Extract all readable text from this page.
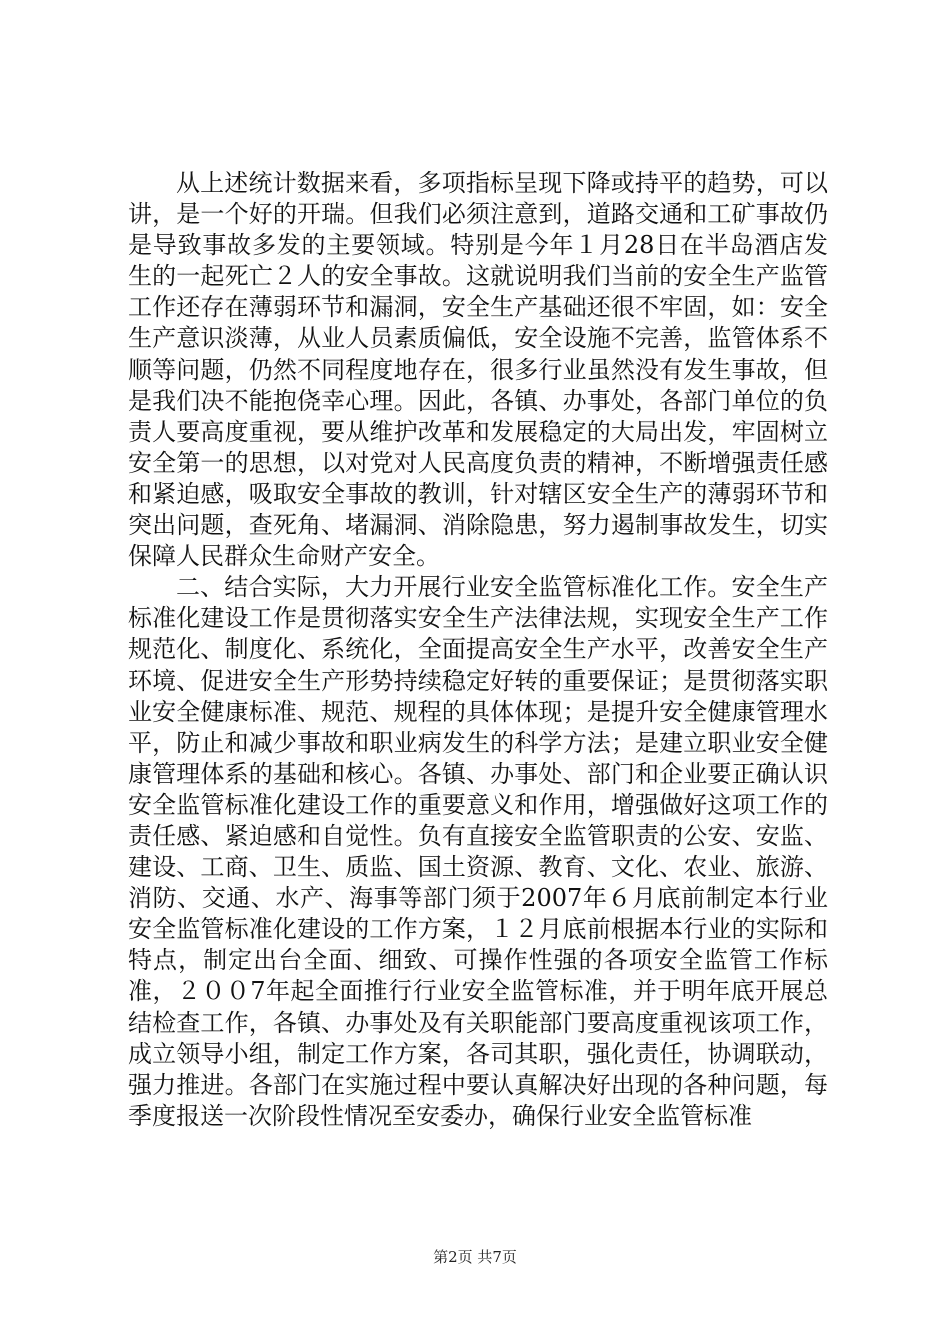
从上述统计数据来看，多项指标呈现下降或持平的趋势，可以讲，是一个好的开瑞。但我们必须注意到，道路交通和工矿事故仍是导致事故多发的主要领域。特别是今年１月28日在半岛酒店发生的一起死亡２人的安全事故。这就说明我们当前的安全生产监管工作还存在薄弱环节和漏洞，安全生产基础还很不牢固，如：安全生产意识淡薄，从业人员素质偏低，安全设施不完善，监管体系不顺等问题，仍然不同程度地存在，很多行业虽然没有发生事故，但是我们决不能抱侥幸心理。因此，各镇、办事处，各部门单位的负责人要高度重视，要从维护改革和发展稳定的大局出发，牢固树立安全第一的思想，以对党对人民高度负责的精神，不断增强责任感和紧迫感，吸取安全事故的教训，针对辖区安全生产的薄弱环节和突出问题，查死角、堵漏洞、消除隐患，努力遏制事故发生，切实保障人民群众生命财产安全。

二、结合实际，大力开展行业安全监管标准化工作。安全生产标准化建设工作是贯彻落实安全生产法律法规，实现安全生产工作规范化、制度化、系统化，全面提高安全生产水平，改善安全生产环境、促进安全生产形势持续稳定好转的重要保证；是贯彻落实职业安全健康标准、规范、规程的具体体现；是提升安全健康管理水平，防止和减少事故和职业病发生的科学方法；是建立职业安全健康管理体系的基础和核心。各镇、办事处、部门和企业要正确认识安全监管标准化建设工作的重要意义和作用，增强做好这项工作的责任感、紧迫感和自觉性。负有直接安全监管职责的公安、安监、建设、工商、卫生、质监、国土资源、教育、文化、农业、旅游、消防、交通、水产、海事等部门须于2007年６月底前制定本行业安全监管标准化建设的工作方案，１２月底前根据本行业的实际和特点，制定出台全面、细致、可操作性强的各项安全监管工作标准，２００7年起全面推行行业安全监管标准，并于明年底开展总结检查工作，各镇、办事处及有关职能部门要高度重视该项工作，成立领导小组，制定工作方案，各司其职，强化责任，协调联动，强力推进。各部门在实施过程中要认真解决好出现的各种问题，每季度报送一次阶段性情况至安委办，确保行业安全监管标准

第2页 共7页
